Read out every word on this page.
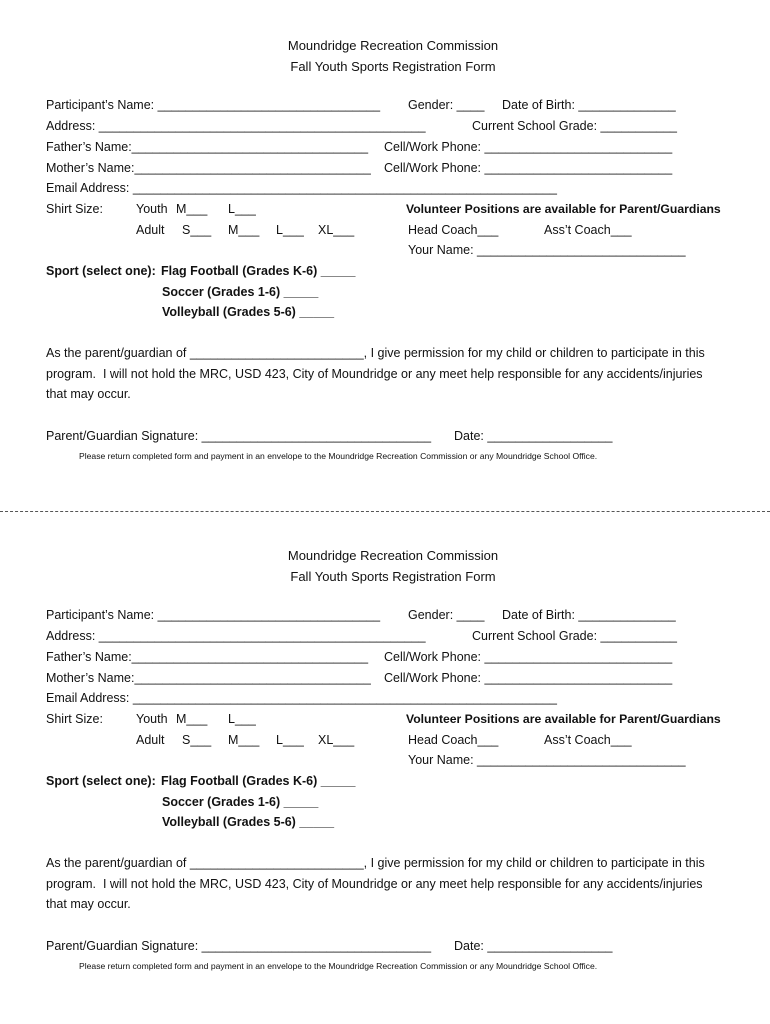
Moundridge Recreation Commission
Fall Youth Sports Registration Form
Participant’s Name: ________________________________ Gender: ____ Date of Birth: ______________
Address: _______________________________________________	Current School Grade: ___________
Father’s Name:__________________________________ Cell/Work Phone: ___________________________
Mother’s Name:__________________________________ Cell/Work Phone: ___________________________
Email Address: _____________________________________________________________
Shirt Size:	Youth M___ L___	Volunteer Positions are available for Parent/Guardians
Adult S___ M___ L___ XL___	Head Coach___	Ass’t Coach___
Your Name: ______________________________
Sport (select one): Flag Football (Grades K-6) _____
Soccer (Grades 1-6) _____
Volleyball (Grades 5-6) _____
As the parent/guardian of _________________________, I give permission for my child or children to participate in this
program.  I will not hold the MRC, USD 423, City of Moundridge or any meet help responsible for any accidents/injuries
that may occur.
Parent/Guardian Signature: _________________________________ Date: __________________
Please return completed form and payment in an envelope to the Moundridge Recreation Commission or any Moundridge School Office.
Moundridge Recreation Commission
Fall Youth Sports Registration Form
Participant’s Name: ________________________________ Gender: ____ Date of Birth: ______________
Address: _______________________________________________	Current School Grade: ___________
Father’s Name:__________________________________ Cell/Work Phone: ___________________________
Mother’s Name:__________________________________ Cell/Work Phone: ___________________________
Email Address: _____________________________________________________________
Shirt Size:	Youth M___ L___	Volunteer Positions are available for Parent/Guardians
Adult S___ M___ L___ XL___	Head Coach___	Ass’t Coach___
Your Name: ______________________________
Sport (select one): Flag Football (Grades K-6) _____
Soccer (Grades 1-6) _____
Volleyball (Grades 5-6) _____
As the parent/guardian of _________________________, I give permission for my child or children to participate in this
program.  I will not hold the MRC, USD 423, City of Moundridge or any meet help responsible for any accidents/injuries
that may occur.
Parent/Guardian Signature: _________________________________ Date: __________________
Please return completed form and payment in an envelope to the Moundridge Recreation Commission or any Moundridge School Office.
